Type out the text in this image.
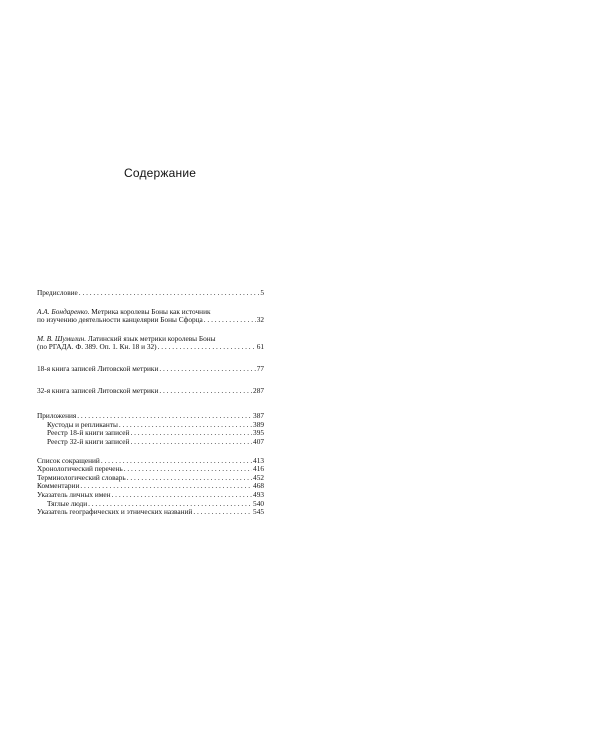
Содержание
Предисловие . . .	5
А.А. Бондаренко. Метрика королевы Боны как источник
по изучению деятельности канцелярии Боны Сфорца . . .	32
М. В. Шумилин. Латинский язык метрики королевы Боны
(по РГАДА. Ф. 389. Оп. 1. Кн. 18 и 32) . . .	61
18-я книга записей Литовской метрики . . .	77
32-я книга записей Литовской метрики . . .	287
Приложения . . .	387
Кустоды и репликанты . . .	389
Реестр 18-й книги записей . . .	395
Реестр 32-й книги записей . . .	407
Список сокращений . . .	413
Хронологический перечень . . .	416
Терминологический словарь . . .	452
Комментарии . . .	468
Указатель личных имен . . .	493
Тяглые люди . . .	540
Указатель географических и этнических названий . . .	545
